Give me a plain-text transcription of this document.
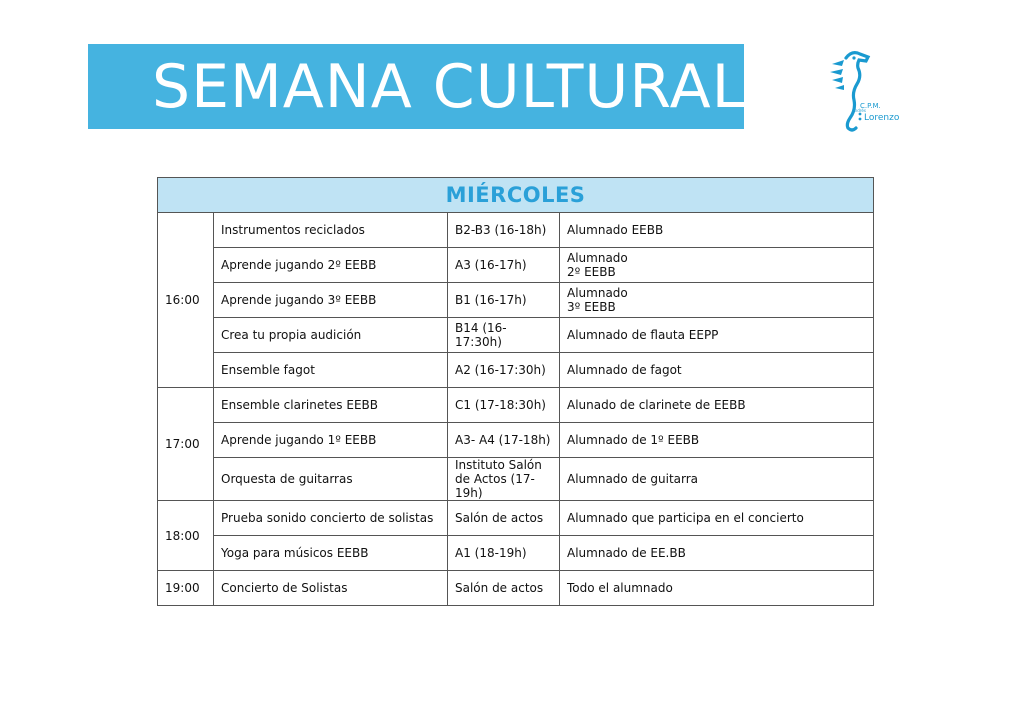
SEMANA CULTURAL	C.P.M.
Andrés
Lorenzo
MIÉRCOLES			
16:00	Instrumentos reciclados	B2-B3 (16-18h)	Alumnado EEBB
	Aprende jugando 2º EEBB	A3 (16-17h)	Alumnado
2º EEBB
	Aprende jugando 3º EEBB	B1 (16-17h)	Alumnado
3º EEBB
	Crea tu propia audición	B14 (16-17:30h)	Alumnado de flauta EEPP
	Ensemble fagot	A2 (16-17:30h)	Alumnado de fagot
17:00	Ensemble clarinetes EEBB	C1 (17-18:30h)	Alunado de clarinete de EEBB
	Aprende jugando 1º EEBB	A3- A4 (17-18h)	Alumnado de 1º EEBB
	Orquesta de guitarras	Instituto Salón de Actos (17-19h)	Alumnado de guitarra
18:00	Prueba sonido concierto de solistas	Salón de actos	Alumnado que participa en el concierto
	Yoga para músicos EEBB	A1 (18-19h)	Alumnado de EE.BB
19:00	Concierto de Solistas	Salón de actos	Todo el alumnado
